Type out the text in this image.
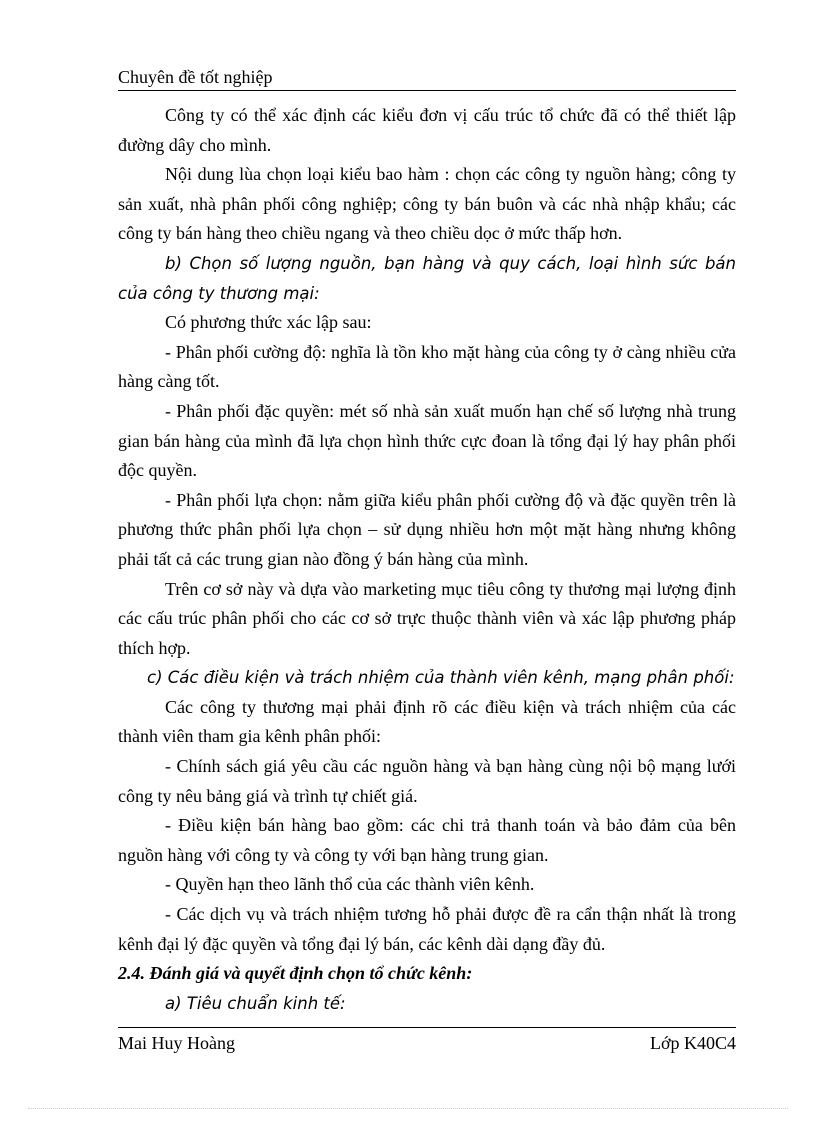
Chuyên đề tốt nghiệp

Công ty có thể xác định các kiểu đơn vị cấu trúc tổ chức đã có thể thiết lập đường dây cho mình.

Nội dung lùa chọn loại kiểu bao hàm : chọn các công ty nguồn hàng; công ty sản xuất, nhà phân phối công nghiệp; công ty bán buôn và các nhà nhập khẩu; các công ty bán hàng theo chiều ngang và theo chiều dọc ở mức thấp hơn.

b) Chọn số lượng nguồn, bạn hàng và quy cách, loại hình sức bán của công ty thương mại:

Có phương thức xác lập sau:

- Phân phối cường độ: nghĩa là tồn kho mặt hàng của công ty ở càng nhiều cửa hàng càng tốt.

- Phân phối đặc quyền: mét số nhà sản xuất muốn hạn chế số lượng nhà trung gian bán hàng của mình đã lựa chọn hình thức cực đoan là tổng đại lý hay phân phối độc quyền.

- Phân phối lựa chọn: nằm giữa kiểu phân phối cường độ và đặc quyền trên là phương thức phân phối lựa chọn – sử dụng nhiều hơn một mặt hàng nhưng không phải tất cả các trung gian nào đồng ý bán hàng của mình.

Trên cơ sở này và dựa vào marketing mục tiêu công ty thương mại lượng định các cấu trúc phân phối cho các cơ sở trực thuộc thành viên và xác lập phương pháp thích hợp.

c) Các điều kiện và trách nhiệm của thành viên kênh, mạng phân phối:

Các công ty thương mại phải định rõ các điều kiện và trách nhiệm của các thành viên tham gia kênh phân phối:

- Chính sách giá yêu cầu các nguồn hàng và bạn hàng cùng nội bộ mạng lưới công ty nêu bảng giá và trình tự chiết giá.

- Điều kiện bán hàng bao gồm: các chi trả thanh toán và bảo đảm của bên nguồn hàng với công ty và công ty với bạn hàng trung gian.

- Quyền hạn theo lãnh thổ của các thành viên kênh.

- Các dịch vụ và trách nhiệm tương hỗ phải được đề ra cẩn thận nhất là trong kênh đại lý đặc quyền và tổng đại lý bán, các kênh dài dạng đầy đủ.

2.4. Đánh giá và quyết định chọn tổ chức kênh:

a) Tiêu chuẩn kinh tế:

Mai Huy Hoàng	Lớp K40C4
